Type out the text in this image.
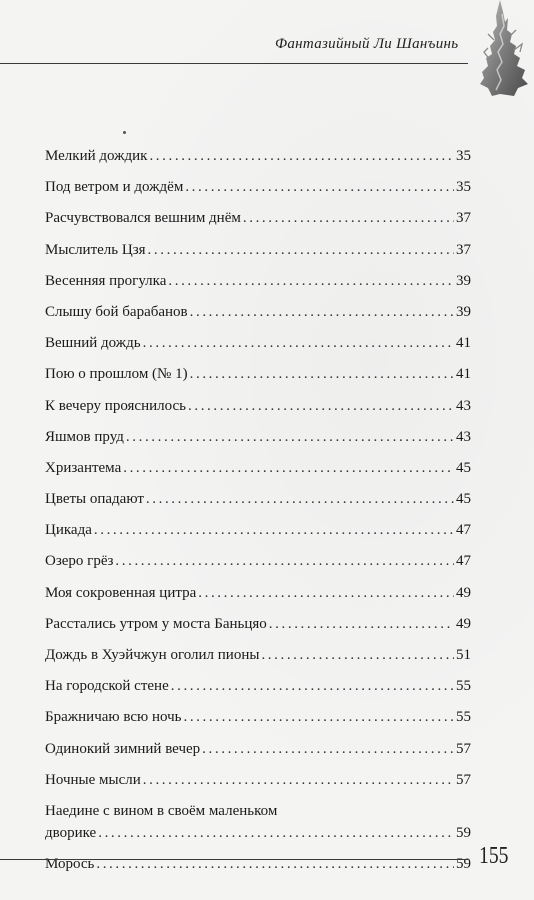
Фантазийный Ли Шанъинь
Мелкий дождик .....	35
Под ветром и дождём .....	35
Расчувствовался вешним днём .....	37
Мыслитель Цзя .....	37
Весенняя прогулка .....	39
Слышу бой барабанов .....	39
Вешний дождь .....	41
Пою о прошлом (№ 1) .....	41
К вечеру прояснилось .....	43
Яшмов пруд .....	43
Хризантема .....	45
Цветы опадают .....	45
Цикада .....	47
Озеро грёз .....	47
Моя сокровенная цитра .....	49
Расстались утром у моста Баньцяо .....	49
Дождь в Хуэйчжун оголил пионы .....	51
На городской стене .....	55
Бражничаю всю ночь .....	55
Одинокий зимний вечер .....	57
Ночные мысли .....	57
Наедине с вином в своём маленьком
дворике .....	59
Морось .....	59 155
